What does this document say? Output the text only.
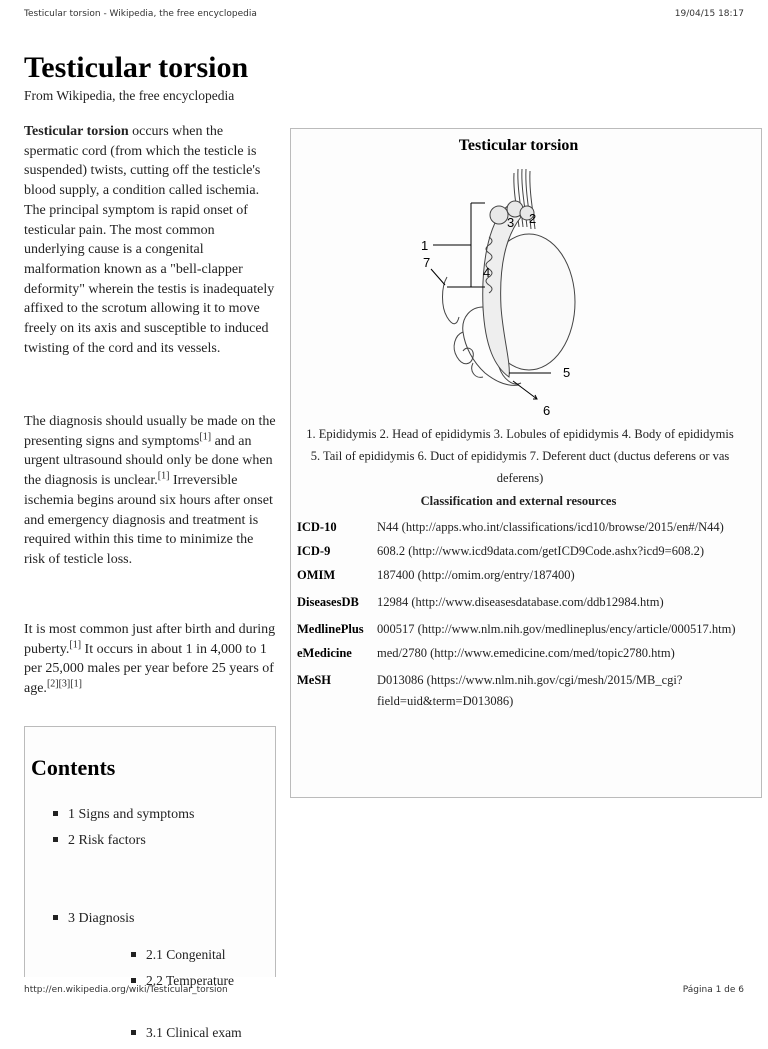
Testicular torsion - Wikipedia, the free encyclopedia	19/04/15 18:17
Testicular torsion
From Wikipedia, the free encyclopedia

Testicular torsion occurs when the spermatic cord (from which the testicle is suspended) twists, cutting off the testicle's blood supply, a condition called ischemia. The principal symptom is rapid onset of testicular pain. The most common underlying cause is a congenital malformation known as a "bell-clapper deformity" wherein the testis is inadequately affixed to the scrotum allowing it to move freely on its axis and susceptible to induced twisting of the cord and its vessels.

The diagnosis should usually be made on the presenting signs and symptoms[1] and an urgent ultrasound should only be done when the diagnosis is unclear.[1] Irreversible ischemia begins around six hours after onset and emergency diagnosis and treatment is required within this time to minimize the risk of testicle loss.

It is most common just after birth and during puberty.[1] It occurs in about 1 in 4,000 to 1 per 25,000 males per year before 25 years of age.[2][3][1]

Testicular torsion
1
2
3
4
5
6
7
1. Epididymis 2. Head of epididymis 3. Lobules of epididymis 4. Body of epididymis 5. Tail of epididymis 6. Duct of epididymis 7. Deferent duct (ductus deferens or vas deferens)
Classification and external resources
ICD-10	N44 (http://apps.who.int/classifications/icd10/browse/2015/en#/N44)
ICD-9	608.2 (http://www.icd9data.com/getICD9Code.ashx?icd9=608.2)
OMIM	187400 (http://omim.org/entry/187400)
DiseasesDB 12984 (http://www.diseasesdatabase.com/ddb12984.htm)
MedlinePlus 000517 (http://www.nlm.nih.gov/medlineplus/ency/article/000517.htm)
eMedicine med/2780 (http://www.emedicine.com/med/topic2780.htm)
MeSH	D013086 (https://www.nlm.nih.gov/cgi/mesh/2015/MB_cgi?field=uid&term=D013086)
Contents
1 Signs and symptoms
2 Risk factors
2.1 Congenital
2.2 Temperature
3 Diagnosis
3.1 Clinical exam
http://en.wikipedia.org/wiki/Testicular_torsion	Página 1 de 6
